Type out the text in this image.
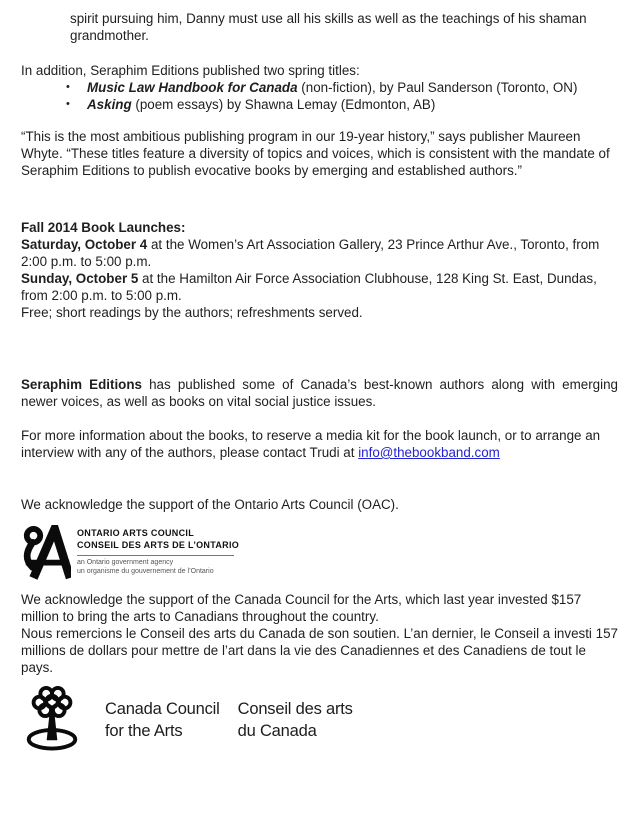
spirit pursuing him, Danny must use all his skills as well as the teachings of his shaman grandmother.

In addition, Seraphim Editions published two spring titles:

•	Music Law Handbook for Canada (non-fiction), by Paul Sanderson (Toronto, ON)
•	Asking (poem essays) by Shawna Lemay (Edmonton, AB)

“This is the most ambitious publishing program in our 19-year history,” says publisher Maureen Whyte. “These titles feature a diversity of topics and voices, which is consistent with the mandate of Seraphim Editions to publish evocative books by emerging and established authors.”

Fall 2014 Book Launches:

Saturday, October 4 at the Women’s Art Association Gallery, 23 Prince Arthur Ave., Toronto, from 2:00 p.m. to 5:00 p.m.

Sunday, October 5 at the Hamilton Air Force Association Clubhouse, 128 King St. East, Dundas, from 2:00 p.m. to 5:00 p.m.

Free; short readings by the authors; refreshments served.

Seraphim Editions has published some of Canada’s best-known authors along with emerging newer voices, as well as books on vital social justice issues.

For more information about the books, to reserve a media kit for the book launch, or to arrange an interview with any of the authors, please contact Trudi at info@thebookband.com

We acknowledge the support of the Ontario Arts Council (OAC).

ONTARIO ARTS COUNCIL
CONSEIL DES ARTS DE L’ONTARIO
an Ontario government agency
un organisme du gouvernement de l’Ontario

We acknowledge the support of the Canada Council for the Arts, which last year invested $157 million to bring the arts to Canadians throughout the country.
Nous remercions le Conseil des arts du Canada de son soutien. L’an dernier, le Conseil a investi 157 millions de dollars pour mettre de l’art dans la vie des Canadiennes et des Canadiens de tout le pays.

Canada Council
for the Arts
Conseil des arts
du Canada
